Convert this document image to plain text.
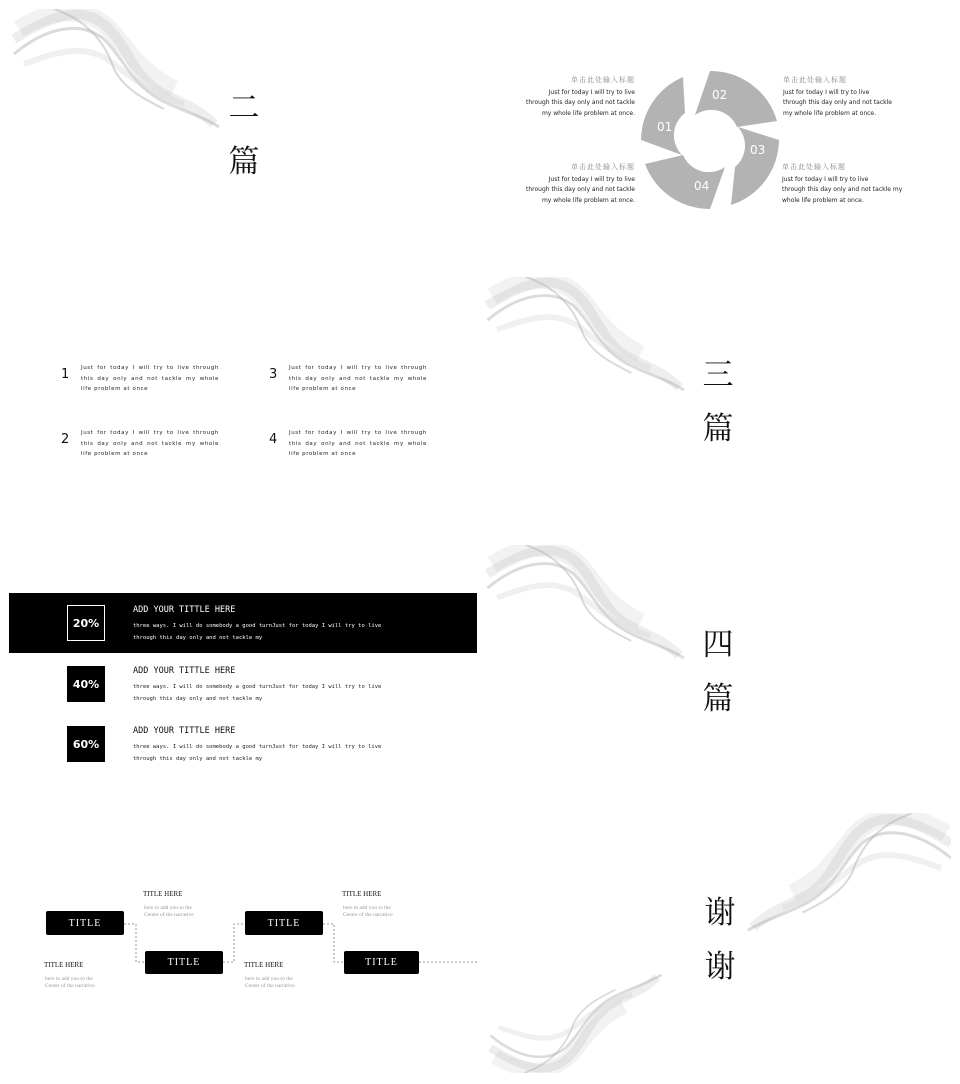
二
篇
01
02
03
04
单击此处输入标题
Just for today I will try to live
through this day only and not tackle
my whole life problem at once.
单击此处输入标题
Just for today I will try to live
through this day only and not tackle
my whole life problem at once.
单击此处输入标题
Just for today I will try to live
through this day only and not tackle
my whole life problem at once.
单击此处输入标题
Just for today I will try to live
through this day only and not tackle my
whole life problem at once.
1 Just for today I will try to live through this day only and not tackle my whole life problem at once
2 Just for today I will try to live through this day only and not tackle my whole life problem at once
3 Just for today I will try to live through this day only and not tackle my whole life problem at once
4 Just for today I will try to live through this day only and not tackle my whole life problem at once
三
篇
20%
ADD YOUR TITTLE HERE
three ways. I will do somebody a good turnJust for today I will try to live
through this day only and not tackle my
40%
ADD YOUR TITTLE HERE
three ways. I will do somebody a good turnJust for today I will try to live
through this day only and not tackle my
60%
ADD YOUR TITTLE HERE
three ways. I will do somebody a good turnJust for today I will try to live
through this day only and not tackle my
四
篇
TITLE
TITLE
TITLE
TITLE
TITLE HERE
here to add you to the
Center of the narrative
TITLE HERE
here to add you to the
Center of the narrative
TITLE HERE
here to add you to the
Center of the narrative
TITLE HERE
here to add you to the
Center of the narrative
谢
谢
